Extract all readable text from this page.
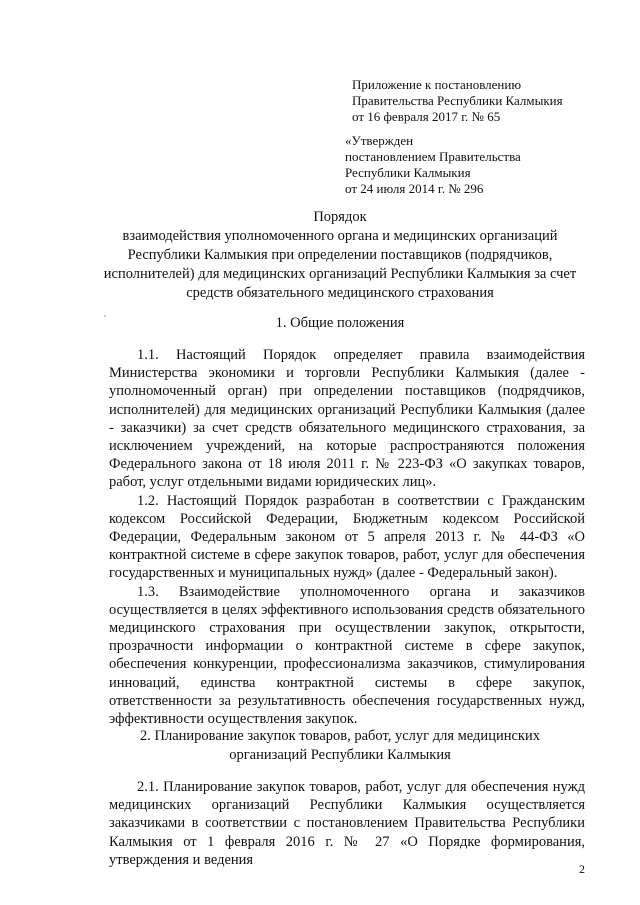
Приложение к постановлению
Правительства Республики Калмыкия
от 16 февраля 2017 г. № 65
«Утвержден
постановлением Правительства
Республики Калмыкия
от 24 июля 2014 г. № 296
Порядок
взаимодействия уполномоченного органа и медицинских организаций
Республики Калмыкия при определении поставщиков (подрядчиков,
исполнителей) для медицинских организаций Республики Калмыкия за счет
средств обязательного медицинского страхования
1. Общие положения

1.1. Настоящий Порядок определяет правила взаимодействия Министерства экономики и торговли Республики Калмыкия (далее - уполномоченный орган) при определении поставщиков (подрядчиков, исполнителей) для медицинских организаций Республики Калмыкия (далее - заказчики) за счет средств обязательного медицинского страхования, за исключением учреждений, на которые распространяются положения Федерального закона от 18 июля 2011 г. № 223-ФЗ «О закупках товаров, работ, услуг отдельными видами юридических лиц».

1.2. Настоящий Порядок разработан в соответствии с Гражданским кодексом Российской Федерации, Бюджетным кодексом Российской Федерации, Федеральным законом от 5 апреля 2013 г. № 44-ФЗ «О контрактной системе в сфере закупок товаров, работ, услуг для обеспечения государственных и муниципальных нужд» (далее - Федеральный закон).

1.3. Взаимодействие уполномоченного органа и заказчиков осуществляется в целях эффективного использования средств обязательного медицинского страхования при осуществлении закупок, открытости, прозрачности информации о контрактной системе в сфере закупок, обеспечения конкуренции, профессионализма заказчиков, стимулирования инноваций, единства контрактной системы в сфере закупок, ответственности за результативность обеспечения государственных нужд, эффективности осуществления закупок.

2. Планирование закупок товаров, работ, услуг для медицинских
организаций Республики Калмыкия

2.1. Планирование закупок товаров, работ, услуг для обеспечения нужд медицинских организаций Республики Калмыкия осуществляется заказчиками в соответствии с постановлением Правительства Республики Калмыкия от 1 февраля 2016 г. № 27 «О Порядке формирования, утверждения и ведения

2
